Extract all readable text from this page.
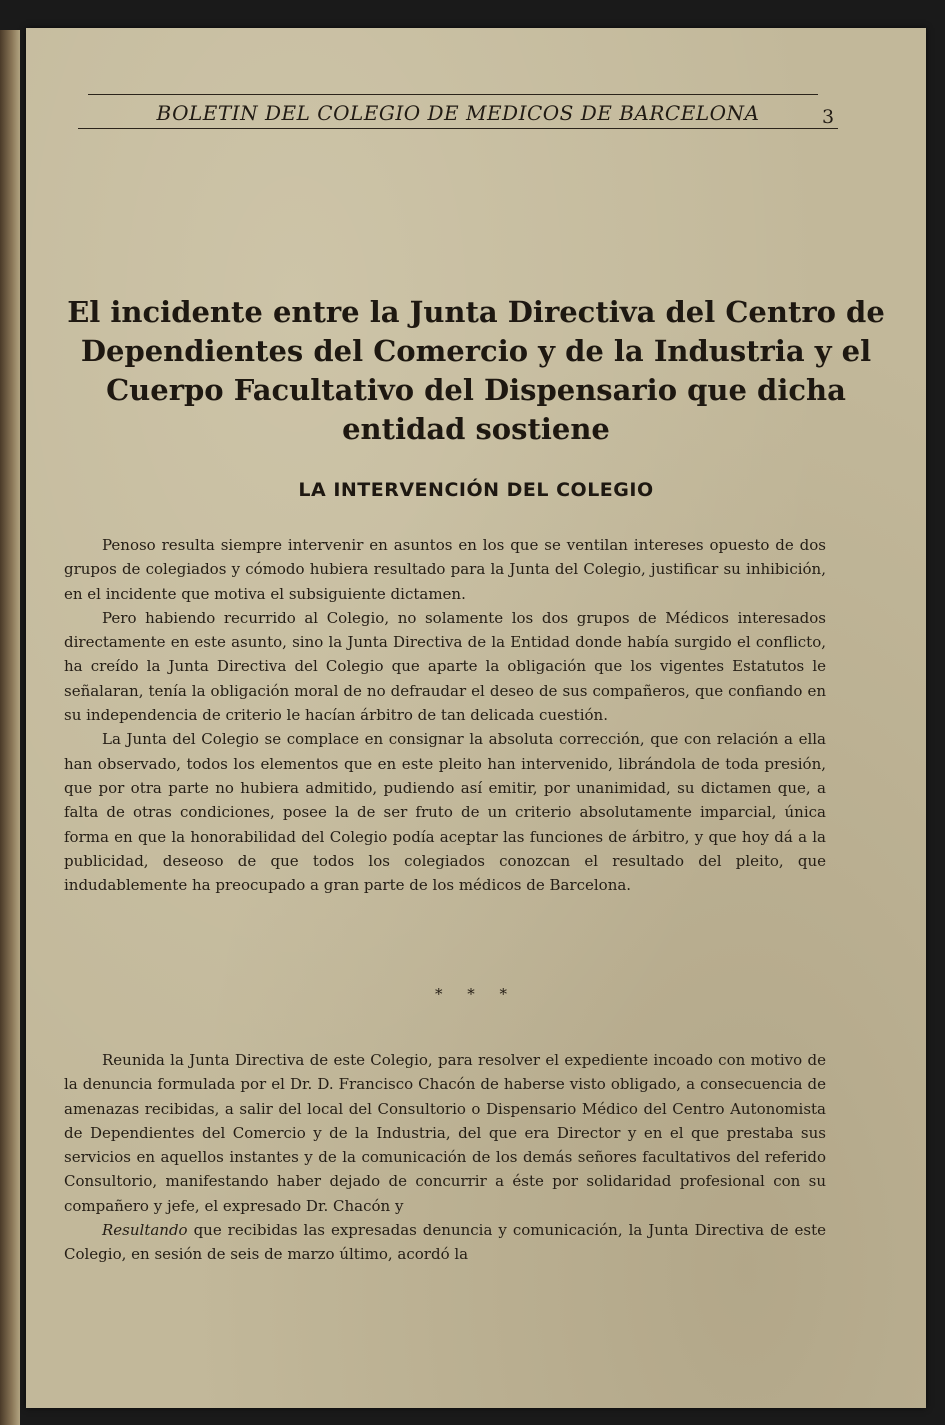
BOLETIN DEL COLEGIO DE MEDICOS DE BARCELONA	3
El incidente entre la Junta Directiva del Centro de Dependientes del Comercio y de la Industria y el Cuerpo Facultativo del Dispensario que dicha entidad sostiene
LA INTERVENCIÓN DEL COLEGIO

Penoso resulta siempre intervenir en asuntos en los que se ventilan intereses opuesto de dos grupos de colegiados y cómodo hubiera resultado para la Junta del Colegio, justificar su inhibición, en el incidente que motiva el subsiguiente dictamen.

Pero habiendo recurrido al Colegio, no solamente los dos grupos de Médicos interesados directamente en este asunto, sino la Junta Directiva de la Entidad donde había surgido el conflicto, ha creído la Junta Directiva del Colegio que aparte la obligación que los vigentes Estatutos le señalaran, tenía la obligación moral de no defraudar el deseo de sus compañeros, que confiando en su independencia de criterio le hacían árbitro de tan delicada cuestión.

La Junta del Colegio se complace en consignar la absoluta corrección, que con relación a ella han observado, todos los elementos que en este pleito han intervenido, librándola de toda presión, que por otra parte no hubiera admitido, pudiendo así emitir, por unanimidad, su dictamen que, a falta de otras condiciones, posee la de ser fruto de un criterio absolutamente imparcial, única forma en que la honorabilidad del Colegio podía aceptar las funciones de árbitro, y que hoy dá a la publicidad, deseoso de que todos los colegiados conozcan el resultado del pleito, que indudablemente ha preocupado a gran parte de los médicos de Barcelona.

* * *

Reunida la Junta Directiva de este Colegio, para resolver el expediente incoado con motivo de la denuncia formulada por el Dr. D. Francisco Chacón de haberse visto obligado, a consecuencia de amenazas recibidas, a salir del local del Consultorio o Dispensario Médico del Centro Autonomista de Dependientes del Comercio y de la Industria, del que era Director y en el que prestaba sus servicios en aquellos instantes y de la comunicación de los demás señores facultativos del referido Consultorio, manifestando haber dejado de concurrir a éste por solidaridad profesional con su compañero y jefe, el expresado Dr. Chacón y

Resultando que recibidas las expresadas denuncia y comunicación, la Junta Directiva de este Colegio, en sesión de seis de marzo último, acordó la
